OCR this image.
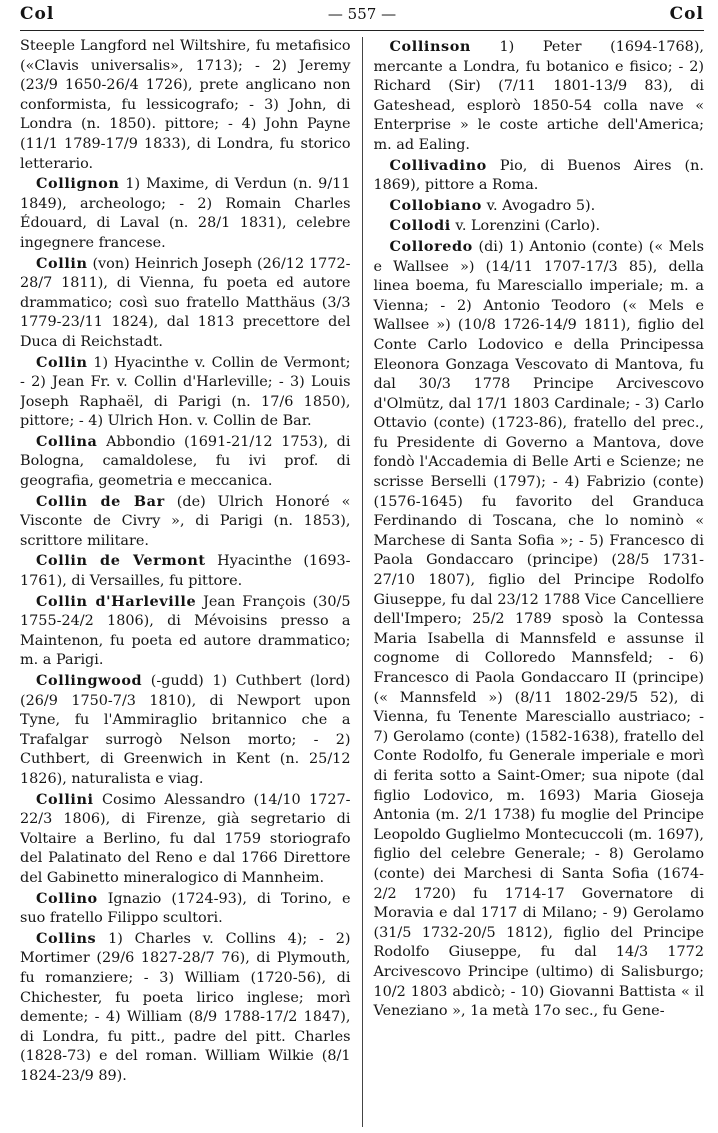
Col	— 557 —	Col

Steeple Langford nel Wiltshire, fu metafisico («Clavis universalis», 1713); - 2) Jeremy (23/9 1650-26/4 1726), prete anglicano non conformista, fu lessicografo; - 3) John, di Londra (n. 1850). pittore; - 4) John Payne (11/1 1789-17/9 1833), di Londra, fu storico letterario.

Collignon 1) Maxime, di Verdun (n. 9/11 1849), archeologo; - 2) Romain Charles Édouard, di Laval (n. 28/1 1831), celebre ingegnere francese.

Collin (von) Heinrich Joseph (26/12 1772-28/7 1811), di Vienna, fu poeta ed autore drammatico; così suo fratello Matthäus (3/3 1779-23/11 1824), dal 1813 precettore del Duca di Reichstadt.

Collin 1) Hyacinthe v. Collin de Vermont; - 2) Jean Fr. v. Collin d'Harleville; - 3) Louis Joseph Raphaël, di Parigi (n. 17/6 1850), pittore; - 4) Ulrich Hon. v. Collin de Bar.

Collina Abbondio (1691-21/12 1753), di Bologna, camaldolese, fu ivi prof. di geografia, geometria e meccanica.

Collin de Bar (de) Ulrich Honoré « Visconte de Civry », di Parigi (n. 1853), scrittore militare.

Collin de Vermont Hyacinthe (1693-1761), di Versailles, fu pittore.

Collin d'Harleville Jean François (30/5 1755-24/2 1806), di Mévoisins presso a Maintenon, fu poeta ed autore drammatico; m. a Parigi.

Collingwood (-gudd) 1) Cuthbert (lord) (26/9 1750-7/3 1810), di Newport upon Tyne, fu l'Ammiraglio britannico che a Trafalgar surrogò Nelson morto; - 2) Cuthbert, di Greenwich in Kent (n. 25/12 1826), naturalista e viag.

Collini Cosimo Alessandro (14/10 1727-22/3 1806), di Firenze, già segretario di Voltaire a Berlino, fu dal 1759 storiografo del Palatinato del Reno e dal 1766 Direttore del Gabinetto mineralogico di Mannheim.

Collino Ignazio (1724-93), di Torino, e suo fratello Filippo scultori.

Collins 1) Charles v. Collins 4); - 2) Mortimer (29/6 1827-28/7 76), di Plymouth, fu romanziere; - 3) William (1720-56), di Chichester, fu poeta lirico inglese; morì demente; - 4) William (8/9 1788-17/2 1847), di Londra, fu pitt., padre del pitt. Charles (1828-73) e del roman. William Wilkie (8/1 1824-23/9 89).

Collinson 1) Peter (1694-1768), mercante a Londra, fu botanico e fisico; - 2) Richard (Sir) (7/11 1801-13/9 83), di Gateshead, esplorò 1850-54 colla nave « Enterprise » le coste artiche dell'America; m. ad Ealing.

Collivadino Pio, di Buenos Aires (n. 1869), pittore a Roma.

Collobiano v. Avogadro 5).

Collodi v. Lorenzini (Carlo).

Colloredo (di) 1) Antonio (conte) (« Mels e Wallsee ») (14/11 1707-17/3 85), della linea boema, fu Maresciallo imperiale; m. a Vienna; - 2) Antonio Teodoro (« Mels e Wallsee ») (10/8 1726-14/9 1811), figlio del Conte Carlo Lodovico e della Principessa Eleonora Gonzaga Vescovato di Mantova, fu dal 30/3 1778 Principe Arcivescovo d'Olmütz, dal 17/1 1803 Cardinale; - 3) Carlo Ottavio (conte) (1723-86), fratello del prec., fu Presidente di Governo a Mantova, dove fondò l'Accademia di Belle Arti e Scienze; ne scrisse Berselli (1797); - 4) Fabrizio (conte) (1576-1645) fu favorito del Granduca Ferdinando di Toscana, che lo nominò « Marchese di Santa Sofia »; - 5) Francesco di Paola Gondaccaro (principe) (28/5 1731-27/10 1807), figlio del Principe Rodolfo Giuseppe, fu dal 23/12 1788 Vice Cancelliere dell'Impero; 25/2 1789 sposò la Contessa Maria Isabella di Mannsfeld e assunse il cognome di Colloredo Mannsfeld; - 6) Francesco di Paola Gondaccaro II (principe) (« Mannsfeld ») (8/11 1802-29/5 52), di Vienna, fu Tenente Maresciallo austriaco; - 7) Gerolamo (conte) (1582-1638), fratello del Conte Rodolfo, fu Generale imperiale e morì di ferita sotto a Saint-Omer; sua nipote (dal figlio Lodovico, m. 1693) Maria Gioseja Antonia (m. 2/1 1738) fu moglie del Principe Leopoldo Guglielmo Montecuccoli (m. 1697), figlio del celebre Generale; - 8) Gerolamo (conte) dei Marchesi di Santa Sofia (1674-2/2 1720) fu 1714-17 Governatore di Moravia e dal 1717 di Milano; - 9) Gerolamo (31/5 1732-20/5 1812), figlio del Principe Rodolfo Giuseppe, fu dal 14/3 1772 Arcivescovo Principe (ultimo) di Salisburgo; 10/2 1803 abdicò; - 10) Giovanni Battista « il Veneziano », 1a metà 17o sec., fu Gene-
